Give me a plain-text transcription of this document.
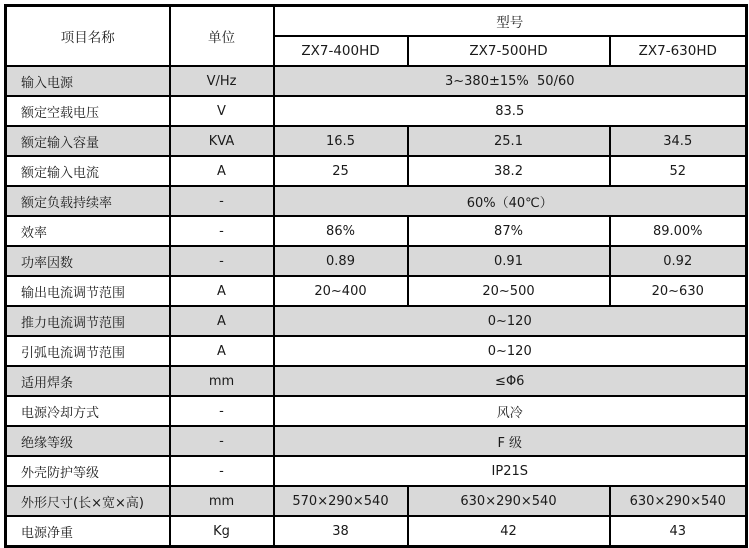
项目名称	单位	型号		
		ZX7-400HD	ZX7-500HD	ZX7-630HD
输入电源	V/Hz	3~380±15%  50/60		
额定空载电压	V	83.5		
额定输入容量	KVA	16.5	25.1	34.5
额定输入电流	A	25	38.2	52
额定负载持续率	-	60%（40℃）		
效率	-	86%	87%	89.00%
功率因数	-	0.89	0.91	0.92
输出电流调节范围	A	20~400	20~500	20~630
推力电流调节范围	A	0~120		
引弧电流调节范围	A	0~120		
适用焊条	mm	≤Φ6		
电源冷却方式	-	风冷		
绝缘等级	-	F 级		
外壳防护等级	-	IP21S		
外形尺寸(长×宽×高)	mm	570×290×540	630×290×540	630×290×540
电源净重	Kg	38	42	43
